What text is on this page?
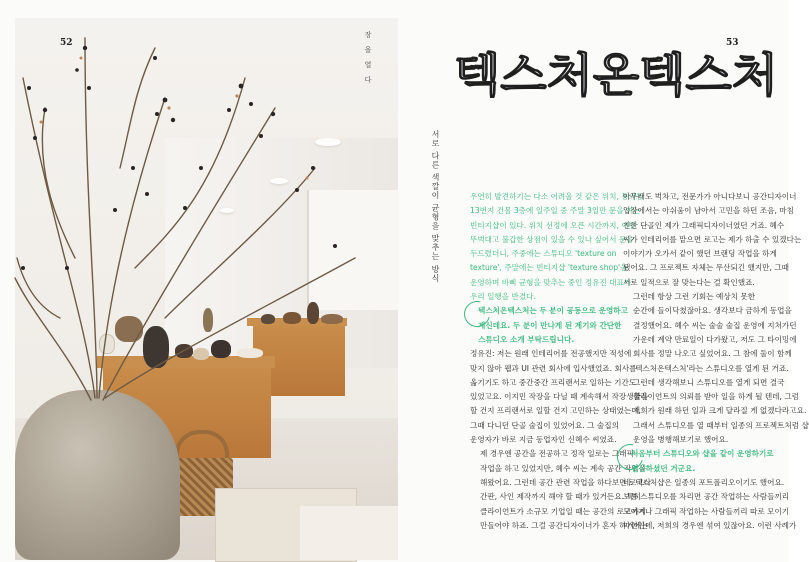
52
장
을
열
다
53
텍스처온텍스처
서로 다른 색깔이 균형을 맞추는 방식	우연히 발견하기는 다소 어려울 것 같은 위치, 통의동
13번지 건물 3층에 일주일 중 주말 3일만 문을 여는
빈티지샵이 있다. 위치 선정에 오픈 시간까지, 어딘
뚜벅대고 불갑한 상점이 있을 수 있나 싶어서 문을
두드렸더니, 주중에는 스튜디오 'texture on
texture', 주말에는 빈티지샵 'texture shop'을
운영하며 바삐 균형을 맞추는 중인 정유진 대표가
우리 일행을 반겼다.

텍스처온텍스처는 두 분이 공동으로 운영하고
계신데요. 두 분이 만나게 된 계기와 간단한
스튜디오 소개 부탁드립니다.

정유진: 저는 원래 인테리어를 전공했지만 적성에
맞지 않아 웹과 UI 관련 회사에 입사했었죠. 회사를
옮기기도 하고 중간중간 프리랜서로 일하는 기간도
있었고요. 이지민 작장을 다닐 때 계속해서 작장생활을
할 건지 프리랜서로 일할 건지 고민하는 상태였는데,
그때 다니던 단골 술집이 있었어요. 그 술집의
운영자가 바로 지금 동업자인 신혜수 씨였죠.

제 경우엔 공간을 전공하고 정작 일로는 그래픽
작업을 하고 있었지만, 혜수 씨는 계속 공간 작업을
해왔어요. 그런데 공간 관련 작업을 하다보면 로고나
간판, 사인 제작까지 해야 할 때가 있거든요. 특히
클라이언트가 소규모 기업일 때는 공간의 로고까지
만들어야 하죠. 그걸 공간디자이너가 혼자 하기에는

아무래도 벅차고, 전문가가 아니다보니 공간디자이너
입장에서는 아쉬움이 남아서 고민을 하던 조음, 마침
친한 단골인 제가 그래픽디자이너였던 거죠. 혜수
씨가 인테리어를 맡으면 로고는 제가 하출 수 있겠다는
이야기가 오가서 같이 했던 브랜딩 작업을 하게
됐어요. 그 프로젝트 자체는 무산되긴 했지만, 그때
서로 일적으로 잘 맞는다는 걸 확인했죠.

그런데 항상 그런 기회는 예상치 못한
순간에 들이닥쳤잖아요. 생각보다 금하게 동업을
결정했어요. 혜수 씨는 술술 술집 운영에 지쳐가던
가운데 계약 만료일이 다가왔고, 저도 그 타이밍에
회사를 정말 나오고 싶었어요. 그 참에 둘이 함께
'텍스처온텍스처'라는 스튜디오를 열게 된 거죠.

그런데 생각해보니 스튜디오를 열게 되면 결국
클라이언트의 의뢰를 받아 일을 하게 될 텐데, 그럼
저희가 원래 하던 일과 크게 달라질 게 없겠다라고요.
그래서 스튜디오를 열 때부터 일종의 프로젝트처럼 샵
운영을 병행해보기로 했어요.

처음부터 스튜디오와 샵을 같이 운영하기로
결심하셨던 거군요.

네. 텍스처샵은 일종의 포트폴리오이기도 했어요.
보통 스튜디오를 차리면 공간 작업하는 사람들끼리
모이거나 그래픽 작업하는 사람들끼리 따로 모이기
마련인데, 저희의 경우엔 섞여 있잖아요. 이런 사례가
